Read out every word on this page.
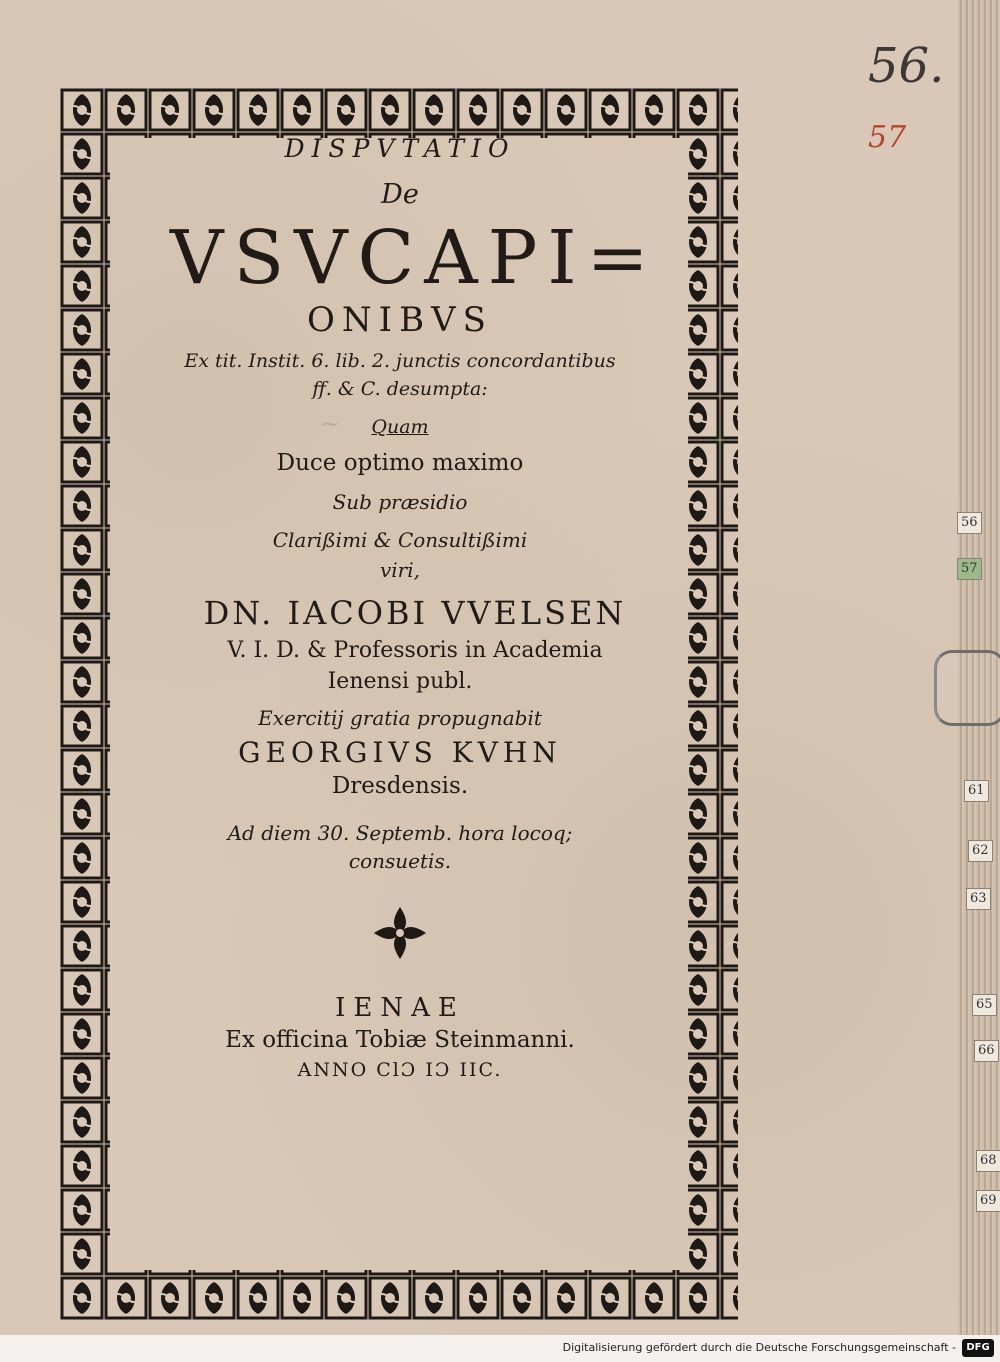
~
56.
57
56
57
61
62
63
65
66
68
69
DISPVTATIO
De
VSVCAPI=
ONIBVS
Ex tit. Instit. 6. lib. 2. junctis concordantibus
ff. & C. desumpta:
Quam
Duce optimo maximo
Sub præsidio
Clarißimi & Consultißimi
viri,
DN. IACOBI VVELSEN
V. I. D. & Professoris in Academia
Ienensi publ.
Exercitij gratia propugnabit
GEORGIVS KVHN
Dresdensis.
Ad diem 30. Septemb. hora locoq;
consuetis.
IENAE
Ex officina Tobiæ Steinmanni.
ANNO ClƆ IƆ IIC.
Digitalisierung gefördert durch die Deutsche Forschungsgemeinschaft -	DFG
